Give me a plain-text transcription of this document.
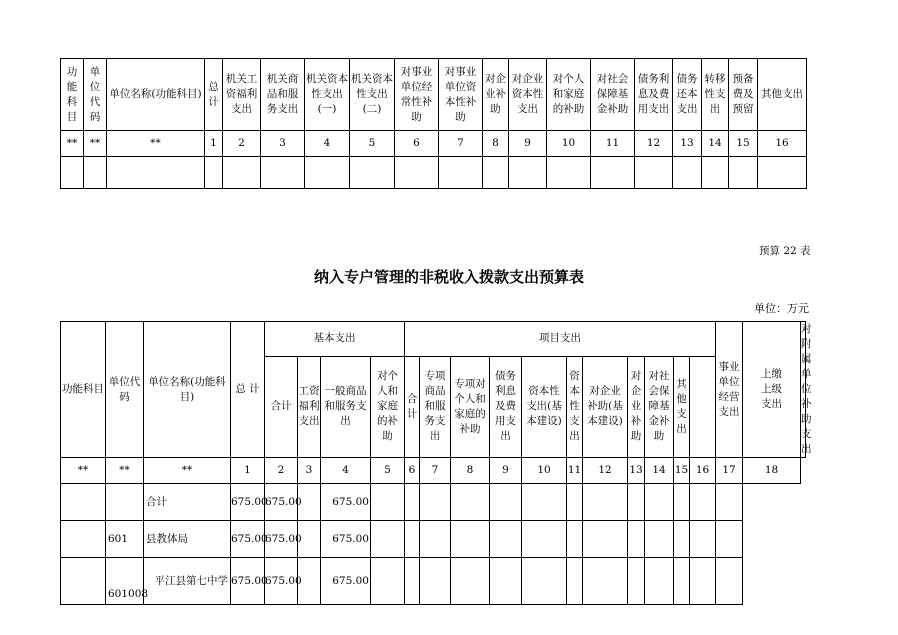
功
能
科
目	单
位
代
码	单位名称(功能科目)	总
计	机关工
资福利
支出	机关商
品和服
务支出	机关资本
性支出
(一)	机关资本
性支出
(二)	对事业
单位经
常性补
助	对事业
单位资
本性补
助	对企
业补
助	对企业
资本性
支出	对个人
和家庭
的补助	对社会
保障基
金补助	债务利
息及费
用支出	债务
还本
支出	转移
性支
出	预备
费及
预留	其他支出
**	**	**	1	2	3	4	5	6	7	8	9	10	11	12	13	14	15	16

预算 22 表
纳入专户管理的非税收入拨款支出预算表
单位：万元
功能科目	单位代
码	单位名称(功能科目)	总 计	基本支出				项目支出											事业
单位
经营
支出	上缴
上级
支出	对附属单位
补助支出
				合计	工资
福利
支出	一般商品
和服务支
出	对个
人和
家庭
的补
助	合
计	专项
商品
和服
务支
出	专项对
个人和
家庭的
补助	债务
利息
及费
用支
出	资本性
支出(基
本建设)	资
本
性
支
出	对企业
补助(基
本建设)	对
企
业
补
助	对社
会保
障基
金补
助	其
他
支
出				
**	**	**	1	2	3	4	5	6	7	8	9	10	11	12	13	14	15	16	17	18	
		合计	675.00	675.00		675.00															
	601	县教体局	675.00	675.00		675.00															
	601008	平江县第七中学	675.00	675.00		675.00															
